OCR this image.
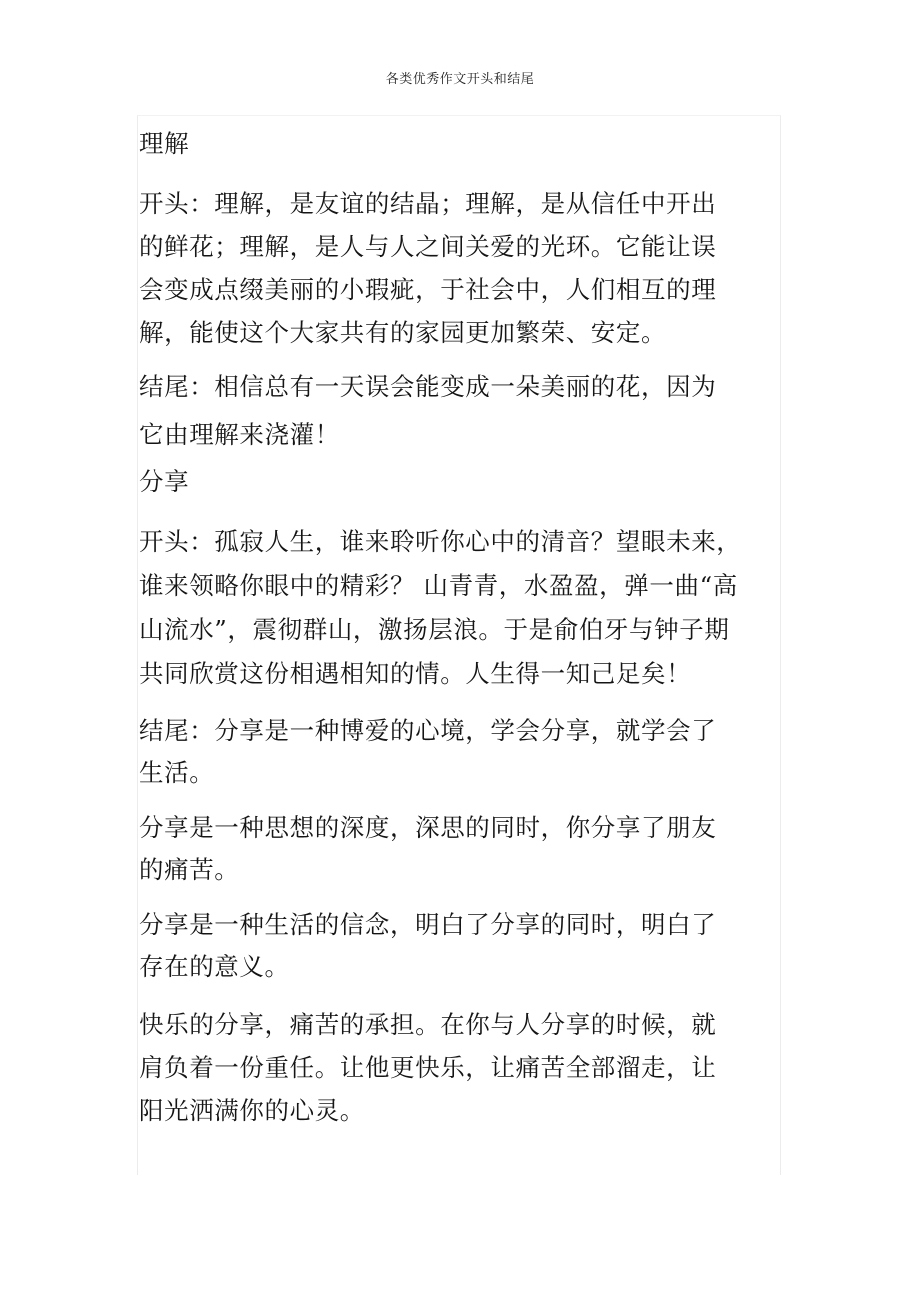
各类优秀作文开头和结尾
理解
开头：理解，是友谊的结晶；理解，是从信任中开出
的鲜花；理解，是人与人之间关爱的光环。它能让误
会变成点缀美丽的小瑕疵，于社会中，人们相互的理
解，能使这个大家共有的家园更加繁荣、安定。
结尾：相信总有一天误会能变成一朵美丽的花，因为
它由理解来浇灌！
分享
开头：孤寂人生，谁来聆听你心中的清音？望眼未来，
谁来领略你眼中的精彩？ 山青青，水盈盈，弹一曲“高
山流水”，震彻群山，激扬层浪。于是俞伯牙与钟子期
共同欣赏这份相遇相知的情。人生得一知己足矣！
结尾：分享是一种博爱的心境，学会分享，就学会了
生活。
分享是一种思想的深度，深思的同时，你分享了朋友
的痛苦。
分享是一种生活的信念，明白了分享的同时，明白了
存在的意义。
快乐的分享，痛苦的承担。在你与人分享的时候，就
肩负着一份重任。让他更快乐，让痛苦全部溜走，让
阳光洒满你的心灵。
